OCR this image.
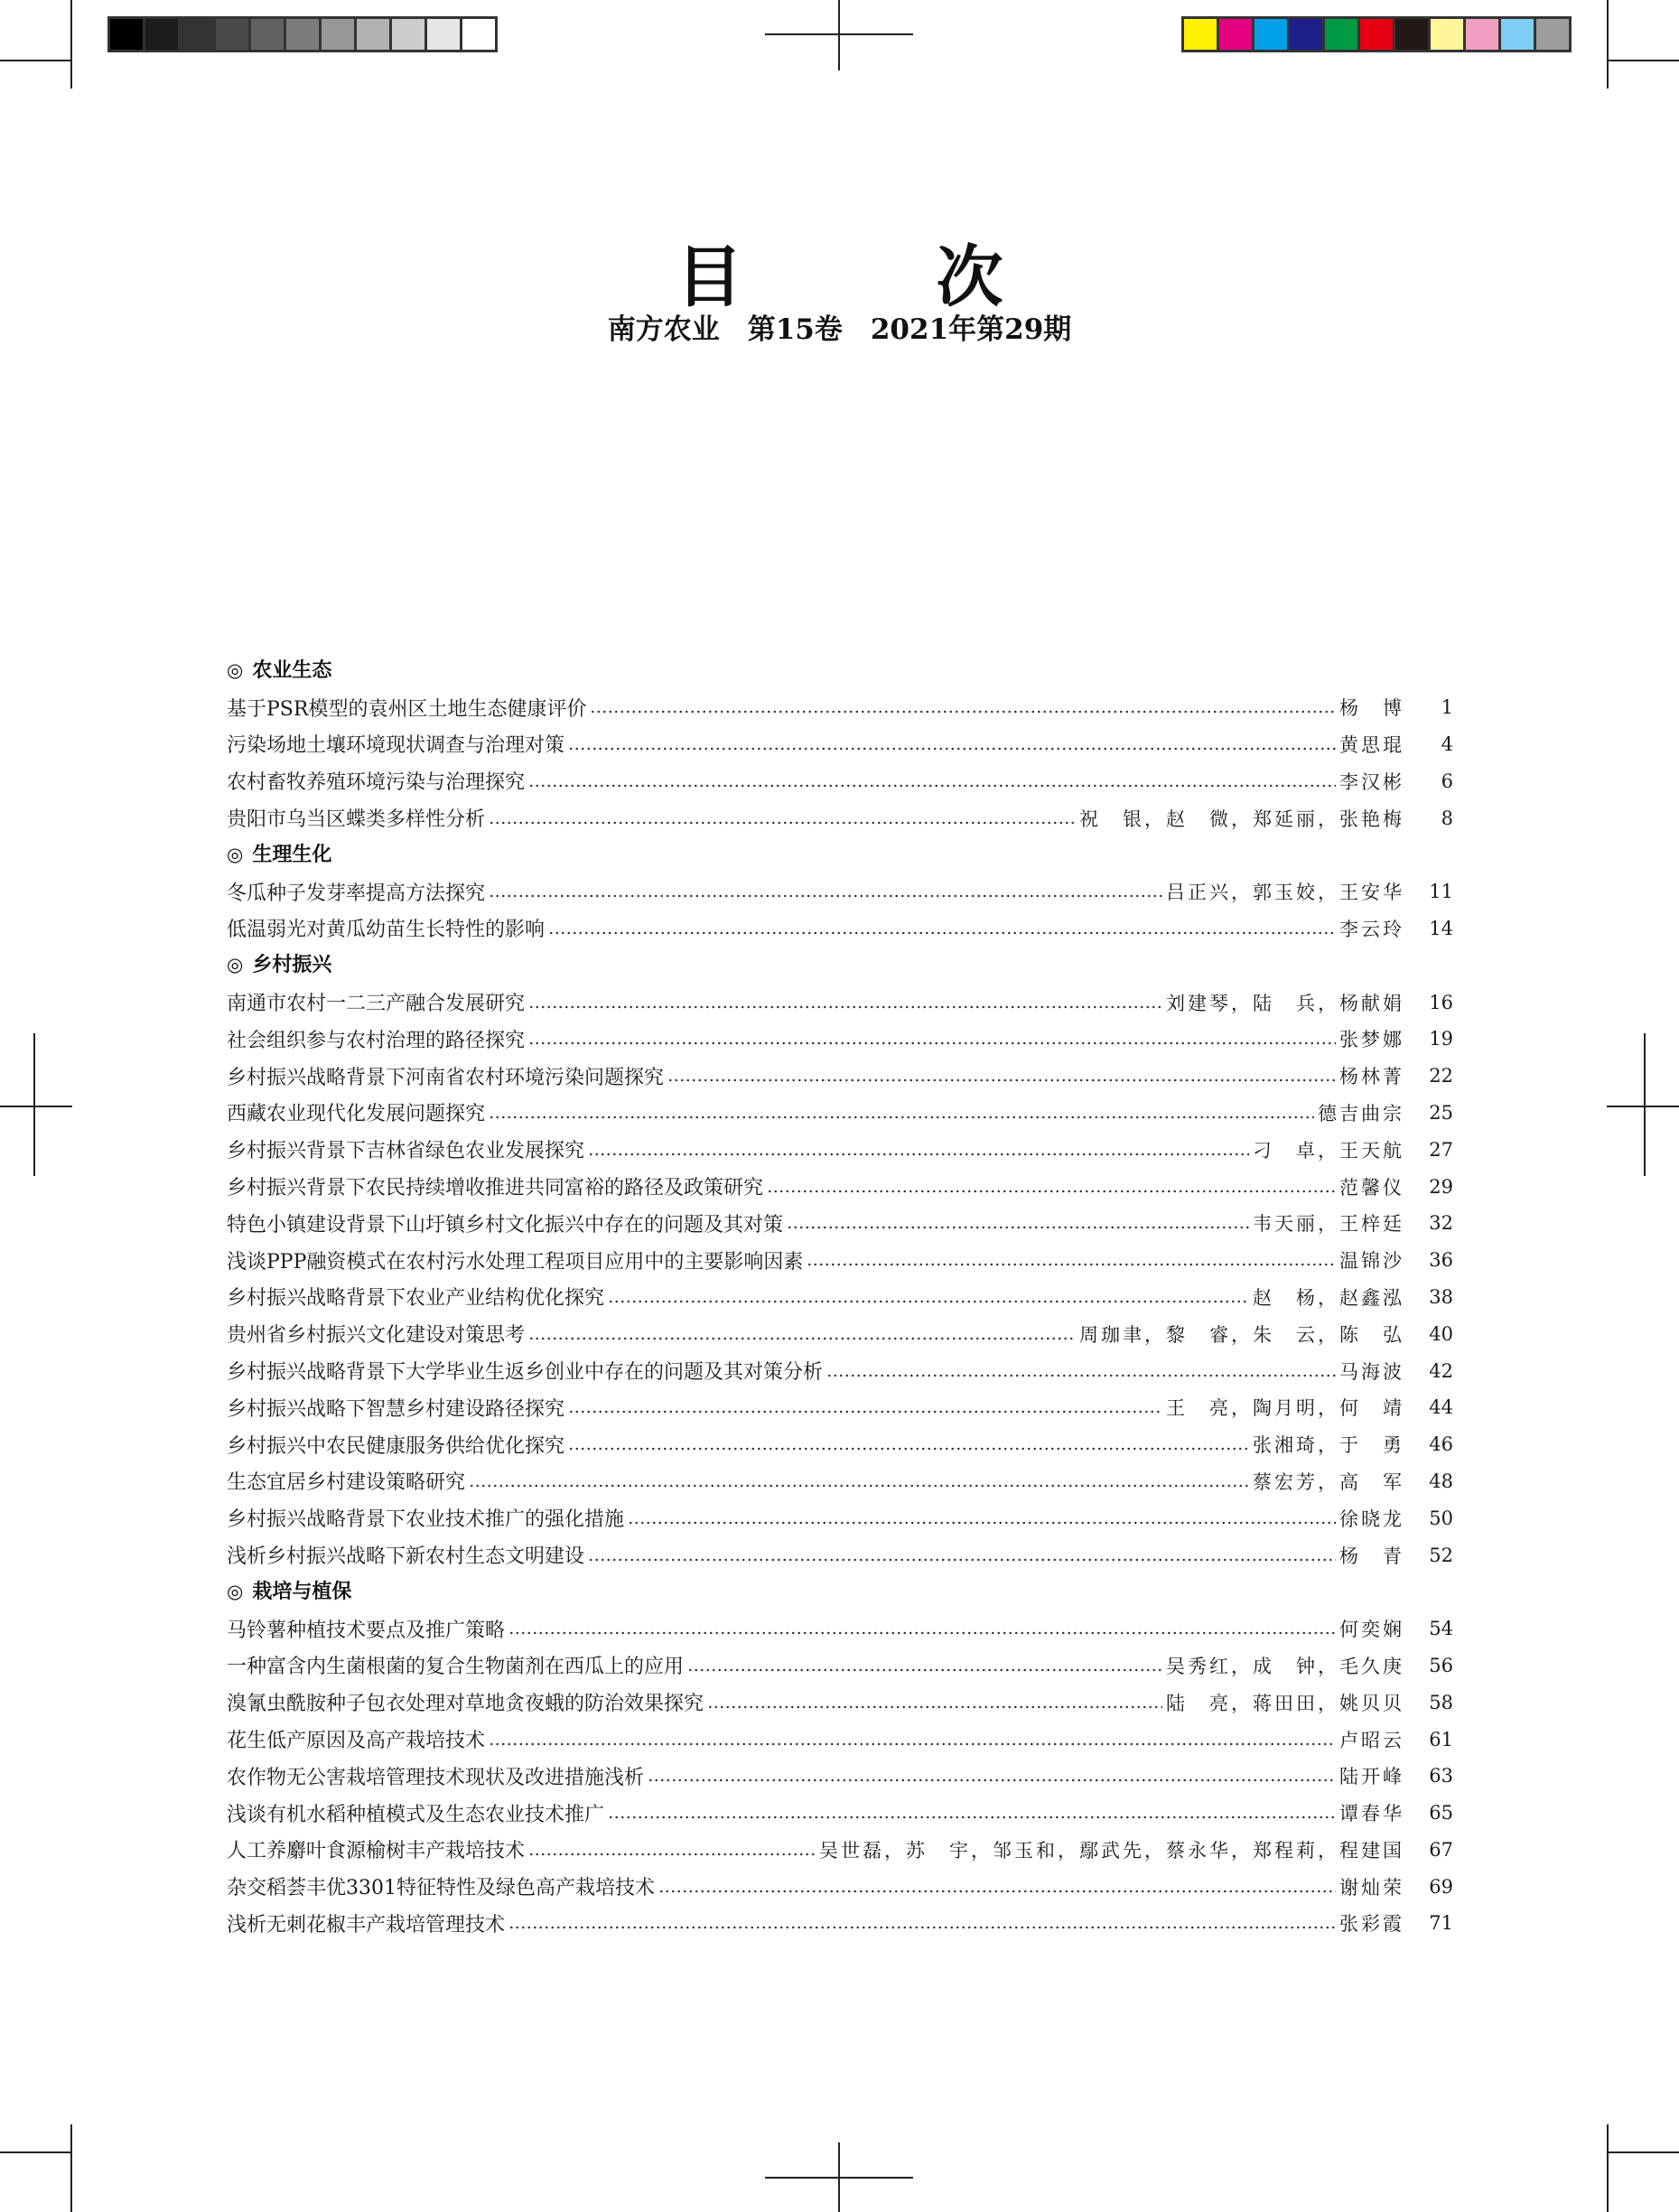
目　次
南方农业　第15卷　2021年第29期
◎ 农业生态
基于PSR模型的袁州区土地生态健康评价	杨　博	1
污染场地土壤环境现状调查与治理对策	黄思琨	4
农村畜牧养殖环境污染与治理探究	李汉彬	6
贵阳市乌当区蝶类多样性分析	祝　银，赵　微，郑延丽，张艳梅	8
◎ 生理生化
冬瓜种子发芽率提高方法探究	吕正兴，郭玉姣，王安华	11
低温弱光对黄瓜幼苗生长特性的影响	李云玲	14
◎ 乡村振兴
南通市农村一二三产融合发展研究	刘建琴，陆　兵，杨献娟	16
社会组织参与农村治理的路径探究	张梦娜	19
乡村振兴战略背景下河南省农村环境污染问题探究	杨林菁	22
西藏农业现代化发展问题探究	德吉曲宗	25
乡村振兴背景下吉林省绿色农业发展探究	刁　卓，王天航	27
乡村振兴背景下农民持续增收推进共同富裕的路径及政策研究	范馨仪	29
特色小镇建设背景下山圩镇乡村文化振兴中存在的问题及其对策	韦天丽，王梓廷	32
浅谈PPP融资模式在农村污水处理工程项目应用中的主要影响因素	温锦沙	36
乡村振兴战略背景下农业产业结构优化探究	赵　杨，赵鑫泓	38
贵州省乡村振兴文化建设对策思考	周珈聿，黎　睿，朱　云，陈　弘	40
乡村振兴战略背景下大学毕业生返乡创业中存在的问题及其对策分析	马海波	42
乡村振兴战略下智慧乡村建设路径探究	王　亮，陶月明，何　靖	44
乡村振兴中农民健康服务供给优化探究	张湘琦，于　勇	46
生态宜居乡村建设策略研究	蔡宏芳，高　军	48
乡村振兴战略背景下农业技术推广的强化措施	徐晓龙	50
浅析乡村振兴战略下新农村生态文明建设	杨　青	52
◎ 栽培与植保
马铃薯种植技术要点及推广策略	何奕娴	54
一种富含内生菌根菌的复合生物菌剂在西瓜上的应用	吴秀红，成　钟，毛久庚	56
溴氰虫酰胺种子包衣处理对草地贪夜蛾的防治效果探究	陆　亮，蒋田田，姚贝贝	58
花生低产原因及高产栽培技术	卢昭云	61
农作物无公害栽培管理技术现状及改进措施浅析	陆开峰	63
浅谈有机水稻种植模式及生态农业技术推广	谭春华	65
人工养麝叶食源榆树丰产栽培技术	吴世磊，苏　宇，邹玉和，鄢武先，蔡永华，郑程莉，程建国	67
杂交稻荟丰优3301特征特性及绿色高产栽培技术	谢灿荣	69
浅析无刺花椒丰产栽培管理技术	张彩霞	71
